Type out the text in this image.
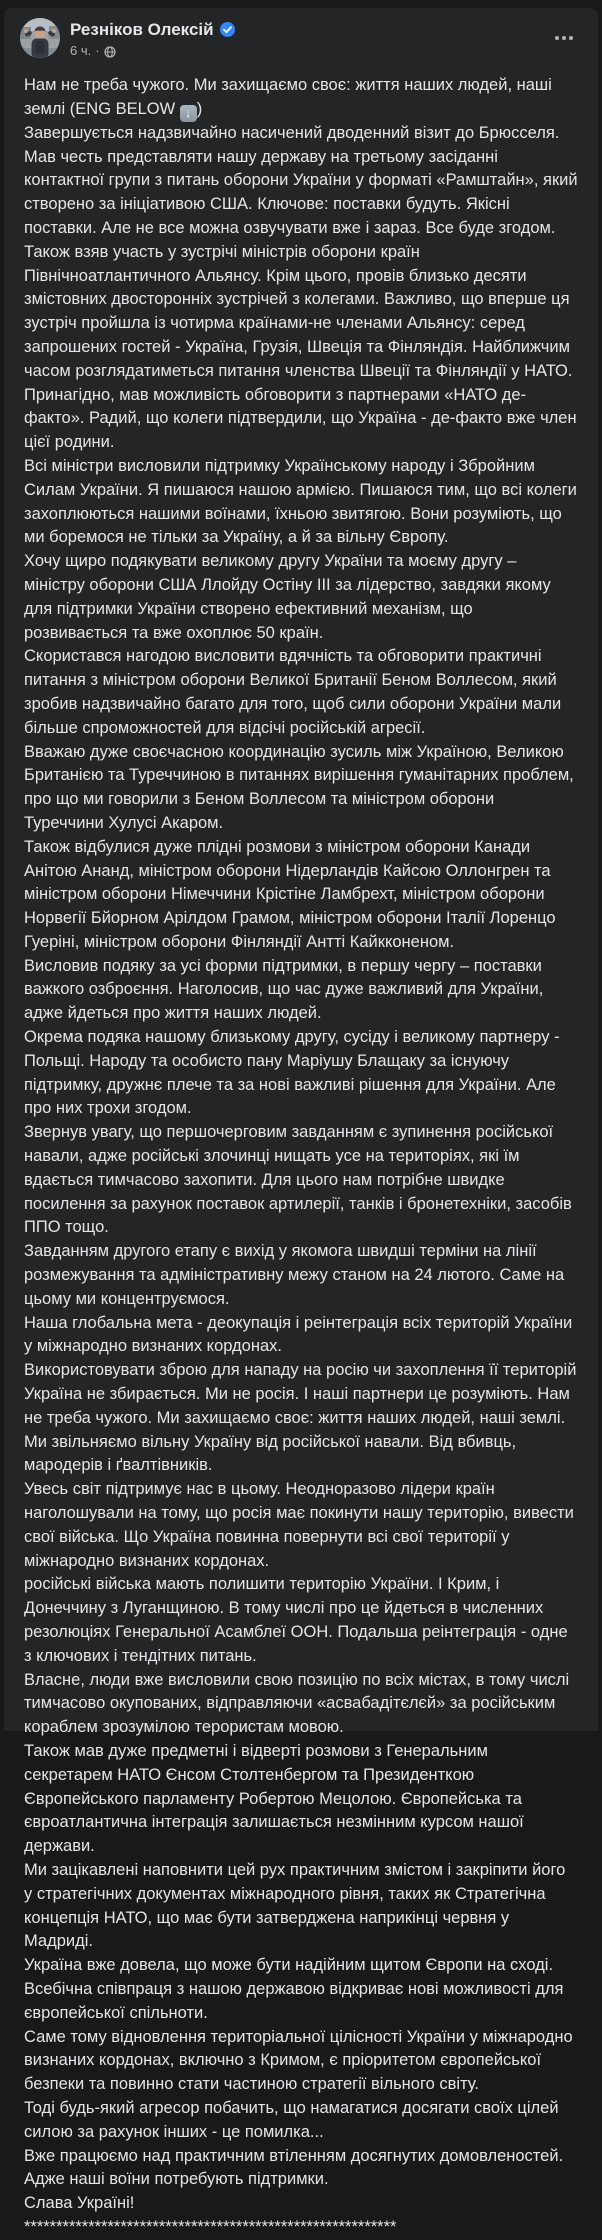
Резніков Олексій
6 ч. ·

Нам не треба чужого. Ми захищаємо своє: життя наших людей, наші землі (ENG BELOW ↓ )

Завершується надзвичайно насичений дводенний візит до Брюсселя.
Мав честь представляти нашу державу на третьому засіданні контактної групи з питань оборони України у форматі «Рамштайн», який створено за ініціативою США. Ключове: поставки будуть. Якісні поставки. Але не все можна озвучувати вже і зараз. Все буде згодом.
Також взяв участь у зустрічі міністрів оборони країн Північноатлантичного Альянсу. Крім цього, провів близько десяти змістовних двосторонніх зустрічей з колегами. Важливо, що вперше ця зустріч пройшла із чотирма країнами-не членами Альянсу: серед запрошених гостей - Україна, Грузія, Швеція та Фінляндія. Найближчим часом розглядатиметься питання членства Швеції та Фінляндії у НАТО. Принагідно, мав можливість обговорити з партнерами «НАТО де-факто». Радий, що колеги підтвердили, що Україна - де-факто вже член цієї родини.
Всі міністри висловили підтримку Українському народу і Збройним Силам України. Я пишаюся нашою армією. Пишаюся тим, що всі колеги захоплюються нашими воїнами, їхньою звитягою. Вони розуміють, що ми боремося не тільки за Україну, а й за вільну Європу.
Хочу щиро подякувати великому другу України та моєму другу – міністру оборони США Ллойду Остіну III за лідерство, завдяки якому для підтримки України створено ефективний механізм, що розвивається та вже охоплює 50 країн.
Скористався нагодою висловити вдячність та обговорити практичні питання з міністром оборони Великої Британії Беном Воллесом, який зробив надзвичайно багато для того, щоб сили оборони України мали більше спроможностей для відсічі російській агресії.
Вважаю дуже своєчасною координацію зусиль між Україною, Великою Британією та Туреччиною в питаннях вирішення гуманітарних проблем, про що ми говорили з Беном Воллесом та міністром оборони Туреччини Хулусі Акаром.
Також відбулися дуже плідні розмови з міністром оборони Канади Анітою Ананд, міністром оборони Нідерландів Кайсою Оллонгрен та міністром оборони Німеччини Крістіне Ламбрехт, міністром оборони Норвегії Бйорном Арілдом Грамом, міністром оборони Італії Лоренцо Гуеріні, міністром оборони Фінляндії Антті Кайкконеном.
Висловив подяку за усі форми підтримки, в першу чергу – поставки важкого озброєння. Наголосив, що час дуже важливий для України, адже йдеться про життя наших людей.
Окрема подяка нашому близькому другу, сусіду і великому партнеру - Польщі. Народу та особисто пану Маріушу Блащаку за існуючу підтримку, дружнє плече та за нові важливі рішення для України. Але про них трохи згодом.
Звернув увагу, що першочерговим завданням є зупинення російської навали, адже російські злочинці нищать усе на територіях, які їм вдається тимчасово захопити. Для цього нам потрібне швидке посилення за рахунок поставок артилерії, танків і бронетехніки, засобів ППО тощо.
Завданням другого етапу є вихід у якомога швидші терміни на лінії розмежування та адміністративну межу станом на 24 лютого. Саме на цьому ми концентруємося.
Наша глобальна мета - деокупація і реінтеграція всіх територій України у міжнародно визнаних кордонах.
Використовувати зброю для нападу на росію чи захоплення її територій Україна не збирається. Ми не росія. І наші партнери це розуміють. Нам не треба чужого. Ми захищаємо своє: життя наших людей, наші землі. Ми звільняємо вільну Україну від російської навали. Від вбивць, мародерів і ґвалтівників.
Увесь світ підтримує нас в цьому. Неодноразово лідери країн наголошували на тому, що росія має покинути нашу територію, вивести свої війська. Що Україна повинна повернути всі свої території у міжнародно визнаних кордонах.
російські війська мають полишити територію України. І Крим, і Донеччину з Луганщиною. В тому числі про це йдеться в численних резолюціях Генеральної Асамблеї ООН. Подальша реінтеграція - одне з ключових і тендітних питань.
Власне, люди вже висловили свою позицію по всіх містах, в тому числі тимчасово окупованих, відправляючи «асвабадітєлєй» за російським кораблем зрозумілою терористам мовою.
Також мав дуже предметні і відверті розмови з Генеральним секретарем НАТО Єнсом Столтенбергом та Президенткою Європейського парламенту Робертою Мецолою. Європейська та євроатлантична інтеграція залишається незмінним курсом нашої держави.
Ми зацікавлені наповнити цей рух практичним змістом і закріпити його у стратегічних документах міжнародного рівня, таких як Стратегічна концепція НАТО, що має бути затверджена наприкінці червня у Мадриді.
Україна вже довела, що може бути надійним щитом Європи на сході. Всебічна співпраця з нашою державою відкриває нові можливості для європейської спільноти.
Саме тому відновлення територіальної цілісності України у міжнародно визнаних кордонах, включно з Кримом, є пріоритетом європейської безпеки та повинно стати частиною стратегії вільного світу.
Тоді будь-який агресор побачить, що намагатися досягати своїх цілей силою за рахунок інших - це помилка...
Вже працюємо над практичним втіленням досягнутих домовленостей. Адже наші воїни потребують підтримки.
Слава Україні!
**********************************************************
